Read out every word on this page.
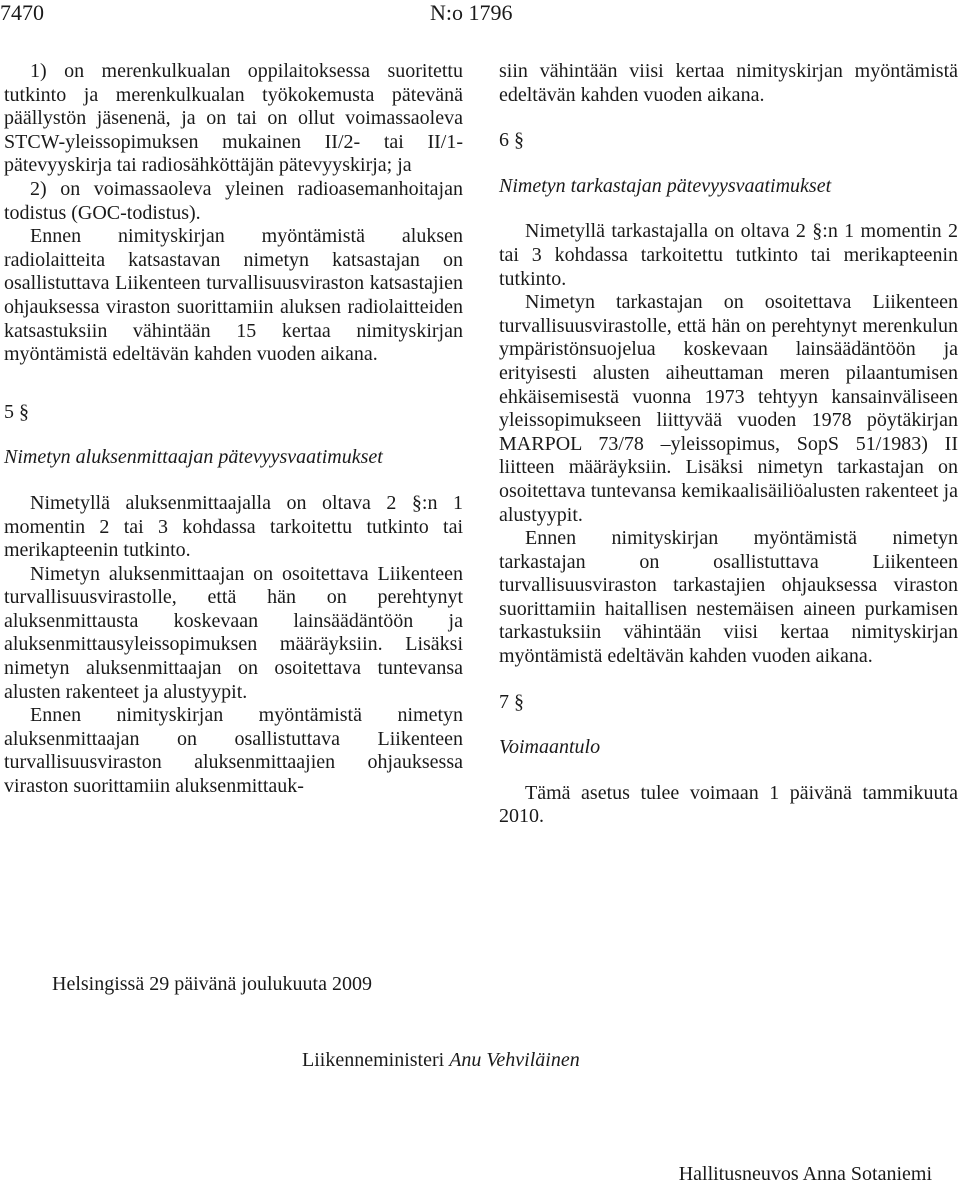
7470	N:o 1796

1) on merenkulkualan oppilaitoksessa suoritettu tutkinto ja merenkulkualan työkokemusta pätevänä päällystön jäsenenä, ja on tai on ollut voimassaoleva STCW-yleissopimuksen mukainen II/2- tai II/1-pätevyyskirja tai radiosähköttäjän pätevyyskirja; ja

2) on voimassaoleva yleinen radioasemanhoitajan todistus (GOC-todistus).

Ennen nimityskirjan myöntämistä aluksen radiolaitteita katsastavan nimetyn katsastajan on osallistuttava Liikenteen turvallisuusviraston katsastajien ohjauksessa viraston suorittamiin aluksen radiolaitteiden katsastuksiin vähintään 15 kertaa nimityskirjan myöntämistä edeltävän kahden vuoden aikana.

5 §

Nimetyn aluksenmittaajan pätevyysvaatimukset

Nimetyllä aluksenmittaajalla on oltava 2 §:n 1 momentin 2 tai 3 kohdassa tarkoitettu tutkinto tai merikapteenin tutkinto.

Nimetyn aluksenmittaajan on osoitettava Liikenteen turvallisuusvirastolle, että hän on perehtynyt aluksenmittausta koskevaan lainsäädäntöön ja aluksenmittausyleissopimuksen määräyksiin. Lisäksi nimetyn aluksenmittaajan on osoitettava tuntevansa alusten rakenteet ja alustyypit.

Ennen nimityskirjan myöntämistä nimetyn aluksenmittaajan on osallistuttava Liikenteen turvallisuusviraston aluksenmittaajien ohjauksessa viraston suorittamiin aluksenmittauk-

siin vähintään viisi kertaa nimityskirjan myöntämistä edeltävän kahden vuoden aikana.

6 §

Nimetyn tarkastajan pätevyysvaatimukset

Nimetyllä tarkastajalla on oltava 2 §:n 1 momentin 2 tai 3 kohdassa tarkoitettu tutkinto tai merikapteenin tutkinto.

Nimetyn tarkastajan on osoitettava Liikenteen turvallisuusvirastolle, että hän on perehtynyt merenkulun ympäristönsuojelua koskevaan lainsäädäntöön ja erityisesti alusten aiheuttaman meren pilaantumisen ehkäisemisestä vuonna 1973 tehtyyn kansainväliseen yleissopimukseen liittyvää vuoden 1978 pöytäkirjan MARPOL 73/78 –yleissopimus, SopS 51/1983) II liitteen määräyksiin. Lisäksi nimetyn tarkastajan on osoitettava tuntevansa kemikaalisäiliöalusten rakenteet ja alustyypit.

Ennen nimityskirjan myöntämistä nimetyn tarkastajan on osallistuttava Liikenteen turvallisuusviraston tarkastajien ohjauksessa viraston suorittamiin haitallisen nestemäisen aineen purkamisen tarkastuksiin vähintään viisi kertaa nimityskirjan myöntämistä edeltävän kahden vuoden aikana.

7 §

Voimaantulo

Tämä asetus tulee voimaan 1 päivänä tammikuuta 2010.

Helsingissä 29 päivänä joulukuuta 2009
Liikenneministeri Anu Vehviläinen
Hallitusneuvos Anna Sotaniemi
